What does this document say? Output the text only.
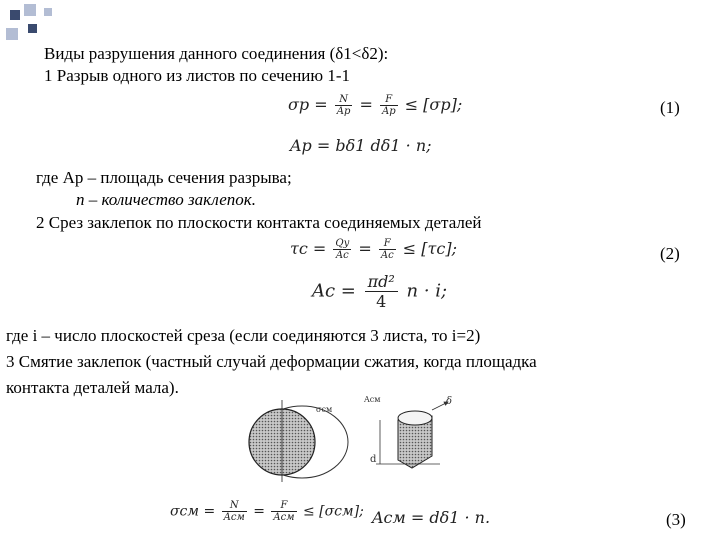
Виды разрушения данного соединения (δ1<δ2):
1 Разрыв одного из листов по сечению 1-1
$\sigma p = \frac{N}{Ap} = \frac{F}{Ap} \le [\sigma p]$;	(1)
Ap = bδ1 dδ1 · n;
где Ap – площадь сечения разрыва;
n – количество заклепок.
2 Срез заклепок по плоскости контакта соединяемых деталей
$\tau c = \frac{Qy}{Ac} = \frac{F}{Ac} \le [\tau c]$;	(2)
$Ac = \frac{\text{πd²}}{4}$ n · i;
где i – число плоскостей среза (если соединяются 3 листа, то i=2)
3 Смятие заклепок (частный случай деформации сжатия, когда площадка
контакта деталей мала).
σсм
Aсм
d
δ
$\sigma см = \frac{N}{\text{Aсм}} = \frac{F}{\text{Aсм}} \le [\sigma см]$; Aсм = dδ1 · n.	(3)
